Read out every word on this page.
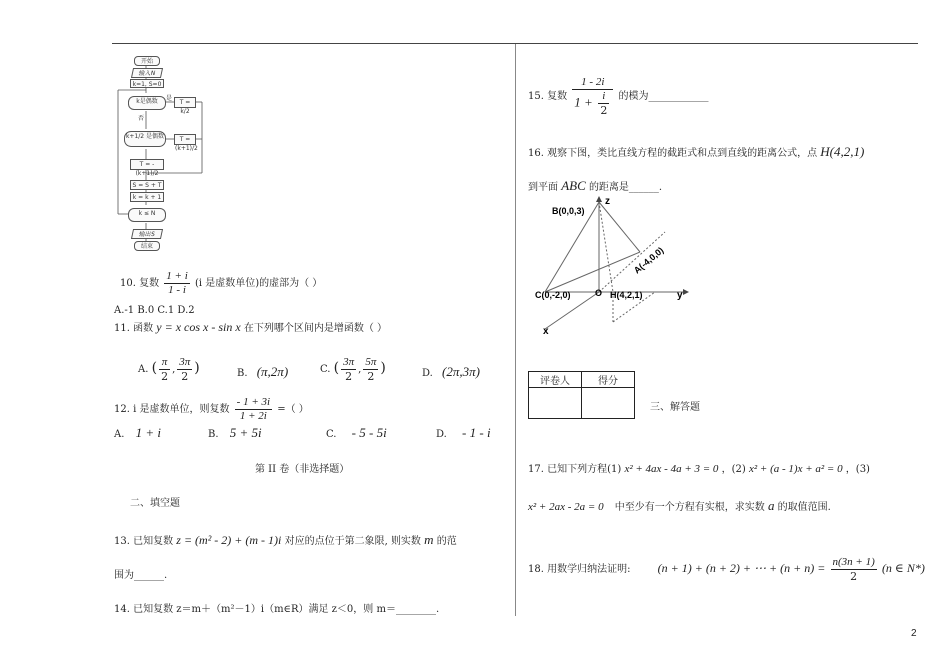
开始
输入N
k=1, S=0
k是偶数	T = k/2
k+1/2 是偶数	T = (k+1)/2
T = -(k+1)/2
S = S + T
k = k + 1
k ≤ N
输出S
结束
是
否
10. 复数 $\frac{1 + i}{1 - i} (i$ 是虚数单位)的虚部为（ ）
A.-1 B.0 C.1 D.2
11. 函数 y = x cos x - sin x 在下列哪个区间内是增函数（ ）
A. ( $\frac{\pi}{2}$ , $\frac{3\pi}{2}$ )	B. (π,2π)	C. ( $\frac{3\pi}{2}$ , $\frac{5\pi}{2}$ )	D. (2π,3π)
12. i 是虚数单位，则复数 $\frac{- 1 + 3i}{1 + 2i}$ =（ ）
A. 1 + i	B. 5 + 5i	C. - 5 - 5i	D. - 1 - i
第 II 卷（非选择题）
二、填空题
13. 已知复数 z = (m² - 2) + (m - 1)i 对应的点位于第二象限, 则实数 m 的范
围为______.
14. 已知复数 z＝m＋（m²－1）i（m∈R）满足 z＜0，则 m＝________.
15. 复数 $\frac{1 - 2i}{1 + \frac{i}{2}}$ 的模为____________
16. 观察下图，类比直线方程的截距式和点到直线的距离公式，点 H(4,2,1)
到平面 ABC 的距离是______.
z
y
x
O
B(0,0,3)
C(0,-2,0)	H(4,2,1)
A(-4,0,0)
评卷人	得分

三、解答题
17. 已知下列方程(1) x² + 4ax - 4a + 3 = 0 ，(2) x² + (a - 1)x + a² = 0 ，(3)
x² + 2ax - 2a = 0 中至少有一个方程有实根，求实数 a 的取值范围.
18. 用数学归纳法证明: (n + 1) + (n + 2) + ⋯ + $(n + n) = \frac{n(3n + 1)}{2} (n$ ∈ N*)
2
